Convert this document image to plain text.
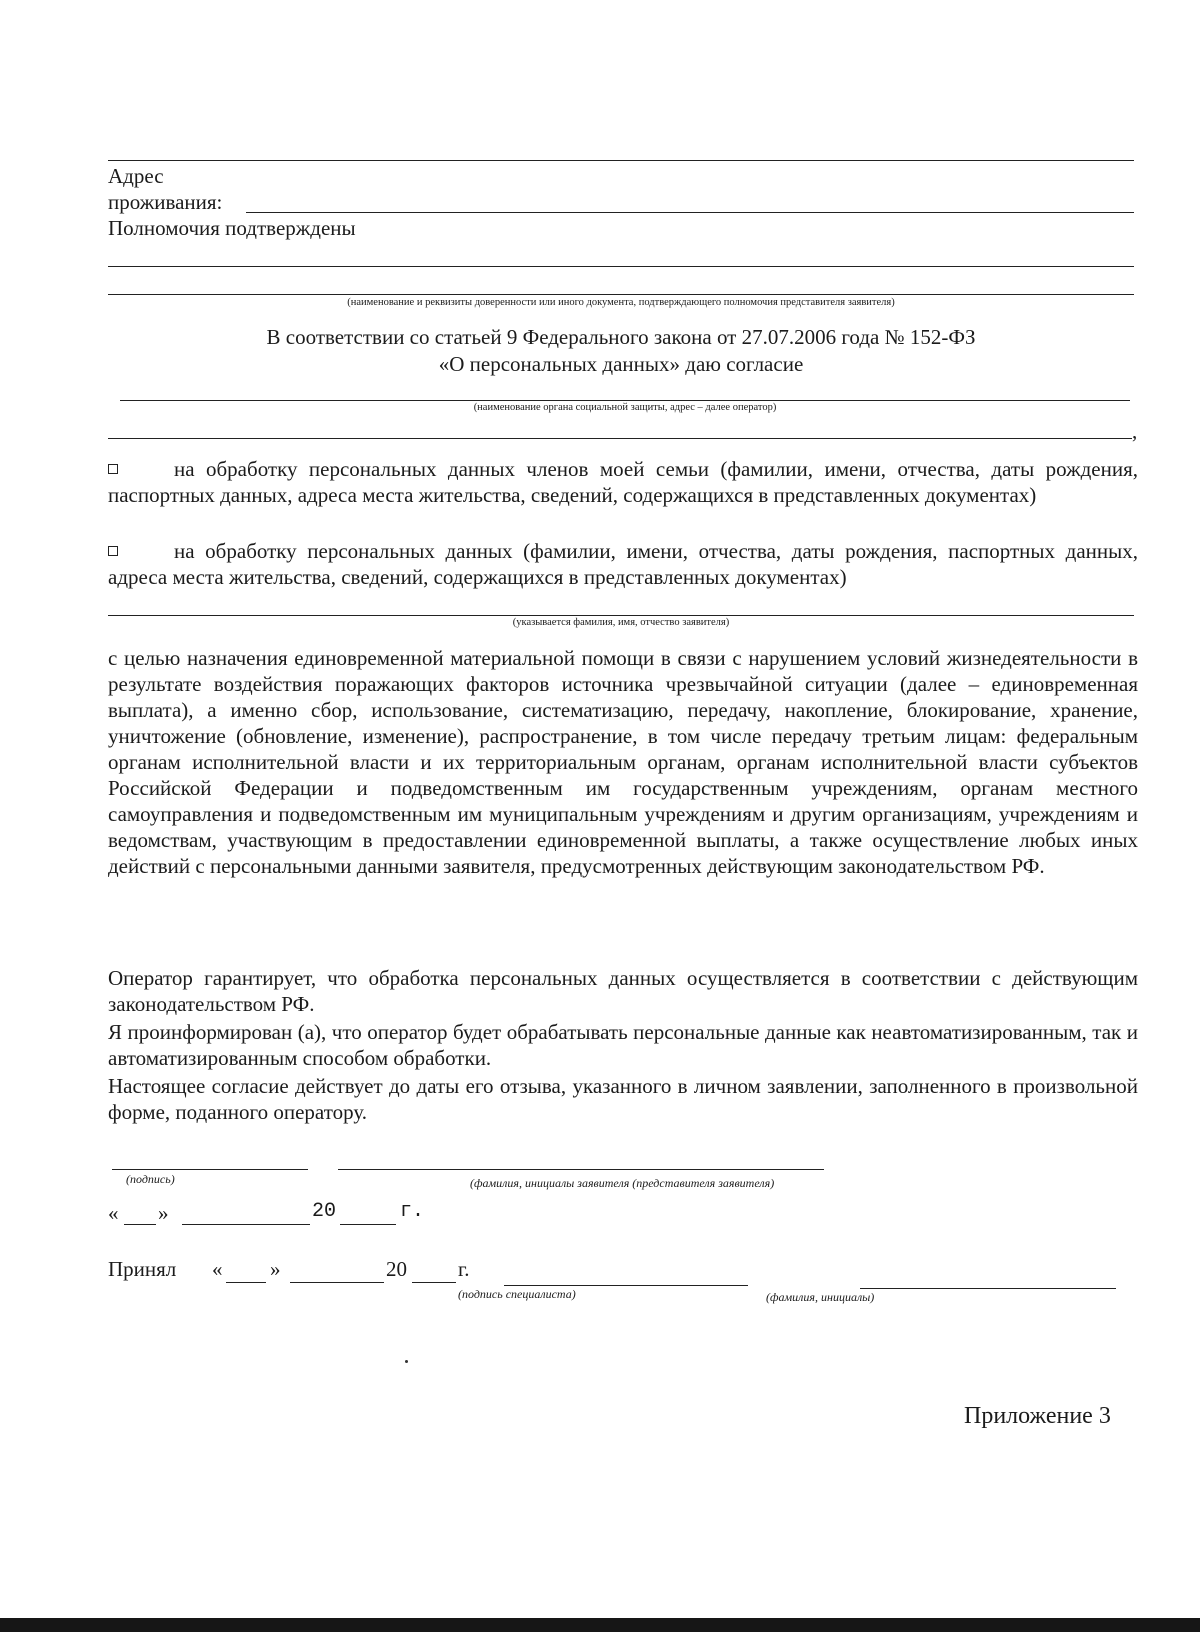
Адрес
проживания:
Полномочия подтверждены
(наименование и реквизиты доверенности или иного документа, подтверждающего полномочия представителя заявителя)
В соответствии со статьей 9 Федерального закона от 27.07.2006 года № 152-ФЗ
«О персональных данных» даю согласие
(наименование органа социальной защиты, адрес – далее оператор)
,
на обработку персональных данных членов моей семьи (фамилии, имени, отчества, даты рождения, паспортных данных, адреса места жительства, сведений, содержащихся в представленных документах)
на обработку персональных данных (фамилии, имени, отчества, даты рождения, паспортных данных, адреса места жительства, сведений, содержащихся в представленных документах)
(указывается фамилия, имя, отчество заявителя)
с целью назначения единовременной материальной помощи в связи с нарушением условий жизнедеятельности в результате воздействия поражающих факторов источника чрезвычайной ситуации (далее – единовременная выплата), а именно сбор, использование, систематизацию, передачу, накопление, блокирование, хранение, уничтожение (обновление, изменение), распространение, в том числе передачу третьим лицам: федеральным органам исполнительной власти и их территориальным органам, органам исполнительной власти субъектов Российской Федерации и подведомственным им государственным учреждениям, органам местного самоуправления и подведомственным им муниципальным учреждениям и другим организациям, учреждениям и ведомствам, участвующим в предоставлении единовременной выплаты, а также осуществление любых иных действий с персональными данными заявителя, предусмотренных действующим законодательством РФ.
Оператор гарантирует, что обработка персональных данных осуществляется в соответствии с действующим законодательством РФ.
Я проинформирован (а), что оператор будет обрабатывать персональные данные как неавтоматизированным, так и автоматизированным способом обработки.
Настоящее согласие действует до даты его отзыва, указанного в личном заявлении, заполненного в произвольной форме, поданного оператору.
(подпись)	(фамилия, инициалы заявителя (представителя заявителя)
« »	20	г.
Принял « »	20 г.
(подпись специалиста)	(фамилия, инициалы)
Приложение 3
